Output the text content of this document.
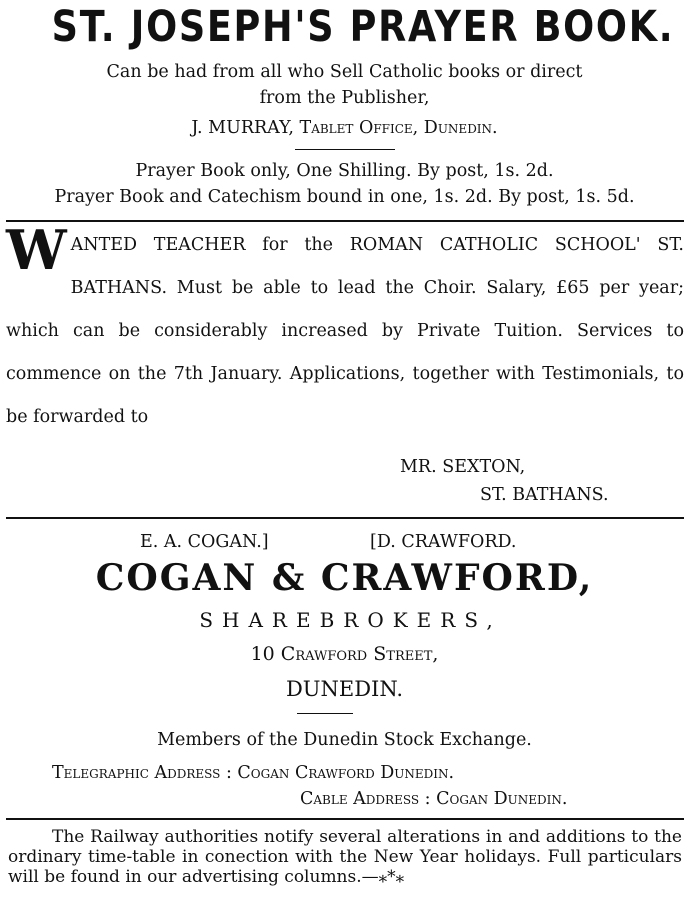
ST. JOSEPH'S PRAYER BOOK.
Can be had from all who Sell Catholic books or direct
from the Publisher,
J. MURRAY, Tablet Office, Dunedin.
Prayer Book only, One Shilling. By post, 1s. 2d.
Prayer Book and Catechism bound in one, 1s. 2d. By post, 1s. 5d.
WANTED TEACHER for the ROMAN CATHOLIC SCHOOL' ST. BATHANS. Must be able to lead the Choir. Salary, £65 per year; which can be considerably increased by Private Tuition. Services to commence on the 7th January. Applications, together with Testimonials, to be forwarded to
MR. SEXTON,
ST. BATHANS.
E. A. COGAN.]	[D. CRAWFORD.
COGAN & CRAWFORD,
SHAREBROKERS,
10 Crawford Street,
DUNEDIN.
Members of the Dunedin Stock Exchange.
Telegraphic Address : Cogan Crawford Dunedin.
Cable Address : Cogan Dunedin.
The Railway authorities notify several alterations in and additions to the ordinary time-table in conection with the New Year holidays. Full particulars will be found in our advertising columns.—⁎*⁎
